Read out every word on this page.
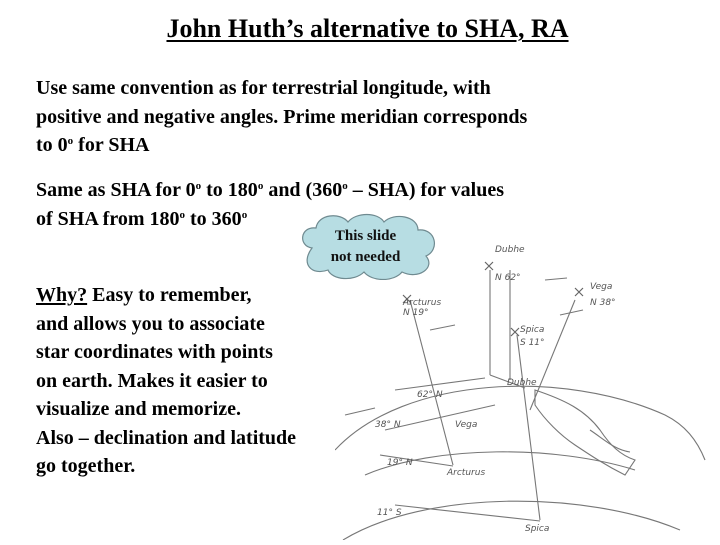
John Huth’s alternative to SHA, RA
Use same convention as for terrestrial longitude, with
positive and negative angles. Prime meridian corresponds
to 0$^o$ for SHA
Same as SHA for 0$^o$ to 180$^o$ and (360$^o$ – SHA) for values
of SHA from 180$^o$ to 360$^o$
Dubhe
N 62°
Arcturus
N 19°
Vega
N 38°
Spica
S 11°
Dubhe
62° N
38° N	Vega
19° N
Arcturus
11° S
Spica
Why? Easy to remember,
and allows you to associate
star coordinates with points
on earth. Makes it easier to
visualize and memorize.
Also – declination and latitude
go together.
This slide
not needed
